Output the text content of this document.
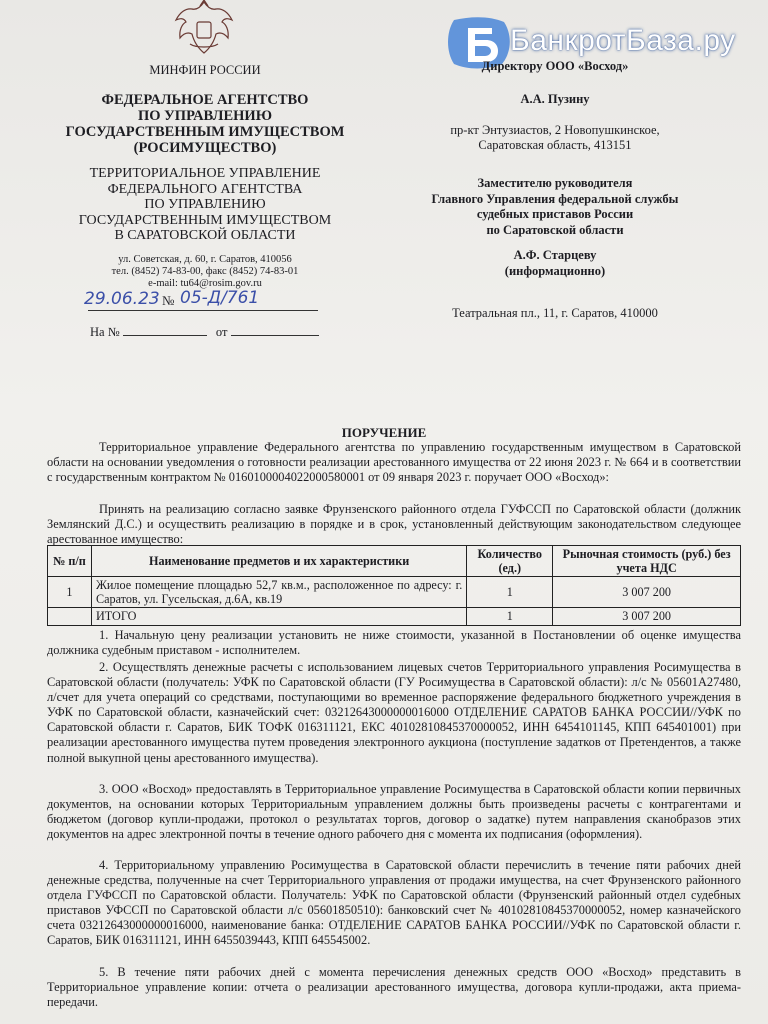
БанкротБаза.ру
МИНФИН РОССИИ
ФЕДЕРАЛЬНОЕ АГЕНТСТВО
ПО УПРАВЛЕНИЮ
ГОСУДАРСТВЕННЫМ ИМУЩЕСТВОМ
(РОСИМУЩЕСТВО)
ТЕРРИТОРИАЛЬНОЕ УПРАВЛЕНИЕ
ФЕДЕРАЛЬНОГО АГЕНТСТВА
ПО УПРАВЛЕНИЮ
ГОСУДАРСТВЕННЫМ ИМУЩЕСТВОМ
В САРАТОВСКОЙ ОБЛАСТИ
ул. Советская, д. 60, г. Саратов, 410056
тел. (8452) 74-83-00, факс (8452) 74-83-01
e-mail: tu64@rosim.gov.ru
29.06.23 № 05-Д/761
На №	от
Директору ООО «Восход»
А.А. Пузину
пр-кт Энтузиастов, 2 Новопушкинское,
Саратовская область, 413151
Заместителю руководителя
Главного Управления федеральной службы
судебных приставов России
по Саратовской области
А.Ф. Старцеву
(информационно)
Театральная пл., 11, г. Саратов, 410000
ПОРУЧЕНИЕ
Территориальное управление Федерального агентства по управлению государственным имуществом в Саратовской области на основании уведомления о готовности реализации арестованного имущества от 22 июня 2023 г. № 664 и в соответствии с государственным контрактом № 0160100004022000580001 от 09 января 2023 г. поручает ООО «Восход»:
Принять на реализацию согласно заявке Фрунзенского районного отдела ГУФССП по Саратовской области (должник Землянский Д.С.) и осуществить реализацию в порядке и в срок, установленный действующим законодательством следующее арестованное имущество:
№ п/п	Наименование предметов и их характеристики	Количество (ед.)	Рыночная стоимость (руб.) без учета НДС
1	Жилое помещение площадью 52,7 кв.м., расположенное по адресу: г. Саратов, ул. Гусельская, д.6А, кв.19	1	3 007 200
	ИТОГО	1	3 007 200
1. Начальную цену реализации установить не ниже стоимости, указанной в Постановлении об оценке имущества должника судебным приставом - исполнителем.
2. Осуществлять денежные расчеты с использованием лицевых счетов Территориального управления Росимущества в Саратовской области (получатель: УФК по Саратовской области (ГУ Росимущества в Саратовской области): л/с № 05601А27480, л/счет для учета операций со средствами, поступающими во временное распоряжение федерального бюджетного учреждения в УФК по Саратовской области, казначейский счет: 03212643000000016000 ОТДЕЛЕНИЕ САРАТОВ БАНКА РОССИИ//УФК по Саратовской области г. Саратов, БИК ТОФК 016311121, ЕКС 40102810845370000052, ИНН 6454101145, КПП 645401001) при реализации арестованного имущества путем проведения электронного аукциона (поступление задатков от Претендентов, а также полной выкупной цены арестованного имущества).
3. ООО «Восход» предоставлять в Территориальное управление Росимущества в Саратовской области копии первичных документов, на основании которых Территориальным управлением должны быть произведены расчеты с контрагентами и бюджетом (договор купли-продажи, протокол о результатах торгов, договор о задатке) путем направления сканобразов этих документов на адрес электронной почты в течение одного рабочего дня с момента их подписания (оформления).
4. Территориальному управлению Росимущества в Саратовской области перечислить в течение пяти рабочих дней денежные средства, полученные на счет Территориального управления от продажи имущества, на счет Фрунзенского районного отдела ГУФССП по Саратовской области. Получатель: УФК по Саратовской области (Фрунзенский районный отдел судебных приставов УФССП по Саратовской области л/с 05601850510): банковский счет № 40102810845370000052, номер казначейского счета 03212643000000016000, наименование банка: ОТДЕЛЕНИЕ САРАТОВ БАНКА РОССИИ//УФК по Саратовской области г. Саратов, БИК 016311121, ИНН 6455039443, КПП 645545002.
5. В течение пяти рабочих дней с момента перечисления денежных средств ООО «Восход» представить в Территориальное управление копии: отчета о реализации арестованного имущества, договора купли-продажи, акта приема-передачи.
